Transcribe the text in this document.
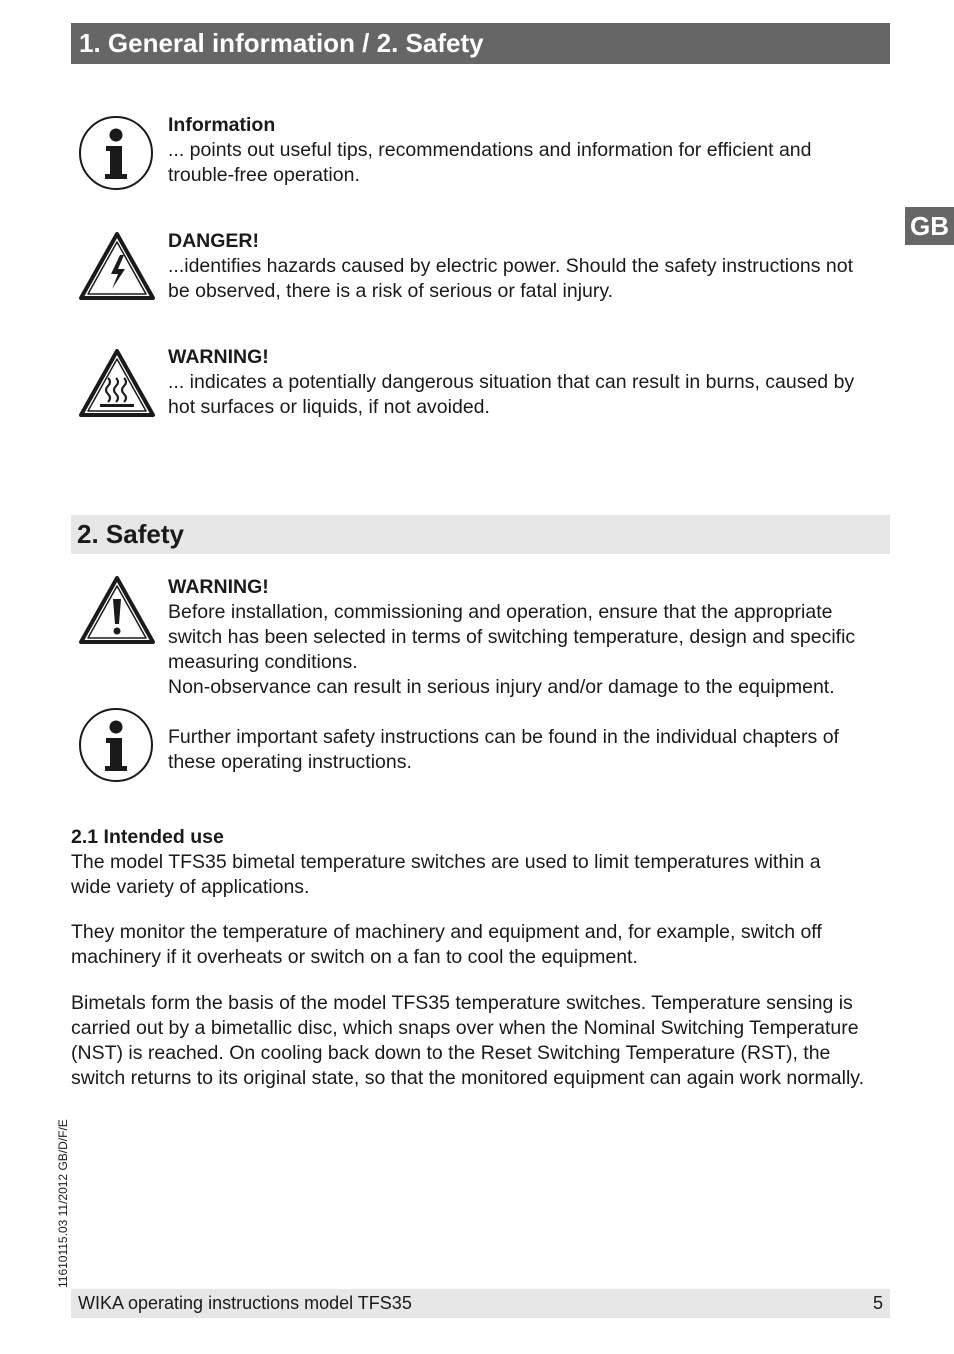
1. General information / 2. Safety
GB
Information
... points out useful tips, recommendations and information for efficient and
trouble-free operation.
DANGER!
...identifies hazards caused by electric power. Should the safety instructions not
be observed, there is a risk of serious or fatal injury.
WARNING!
... indicates a potentially dangerous situation that can result in burns, caused by
hot surfaces or liquids, if not avoided.
2. Safety
WARNING!
Before installation, commissioning and operation, ensure that the appropriate
switch has been selected in terms of switching temperature, design and specific
measuring conditions.
Non-observance can result in serious injury and/or damage to the equipment.
Further important safety instructions can be found in the individual chapters of
these operating instructions.
2.1 Intended use
The model TFS35 bimetal temperature switches are used to limit temperatures within a
wide variety of applications.
They monitor the temperature of machinery and equipment and, for example, switch off
machinery if it overheats or switch on a fan to cool the equipment.
Bimetals form the basis of the model TFS35 temperature switches. Temperature sensing is
carried out by a bimetallic disc, which snaps over when the Nominal Switching Temperature
(NST) is reached. On cooling back down to the Reset Switching Temperature (RST), the
switch returns to its original state, so that the monitored equipment can again work normally.
11610115.03 11/2012 GB/D/F/E
WIKA operating instructions model TFS35	5
